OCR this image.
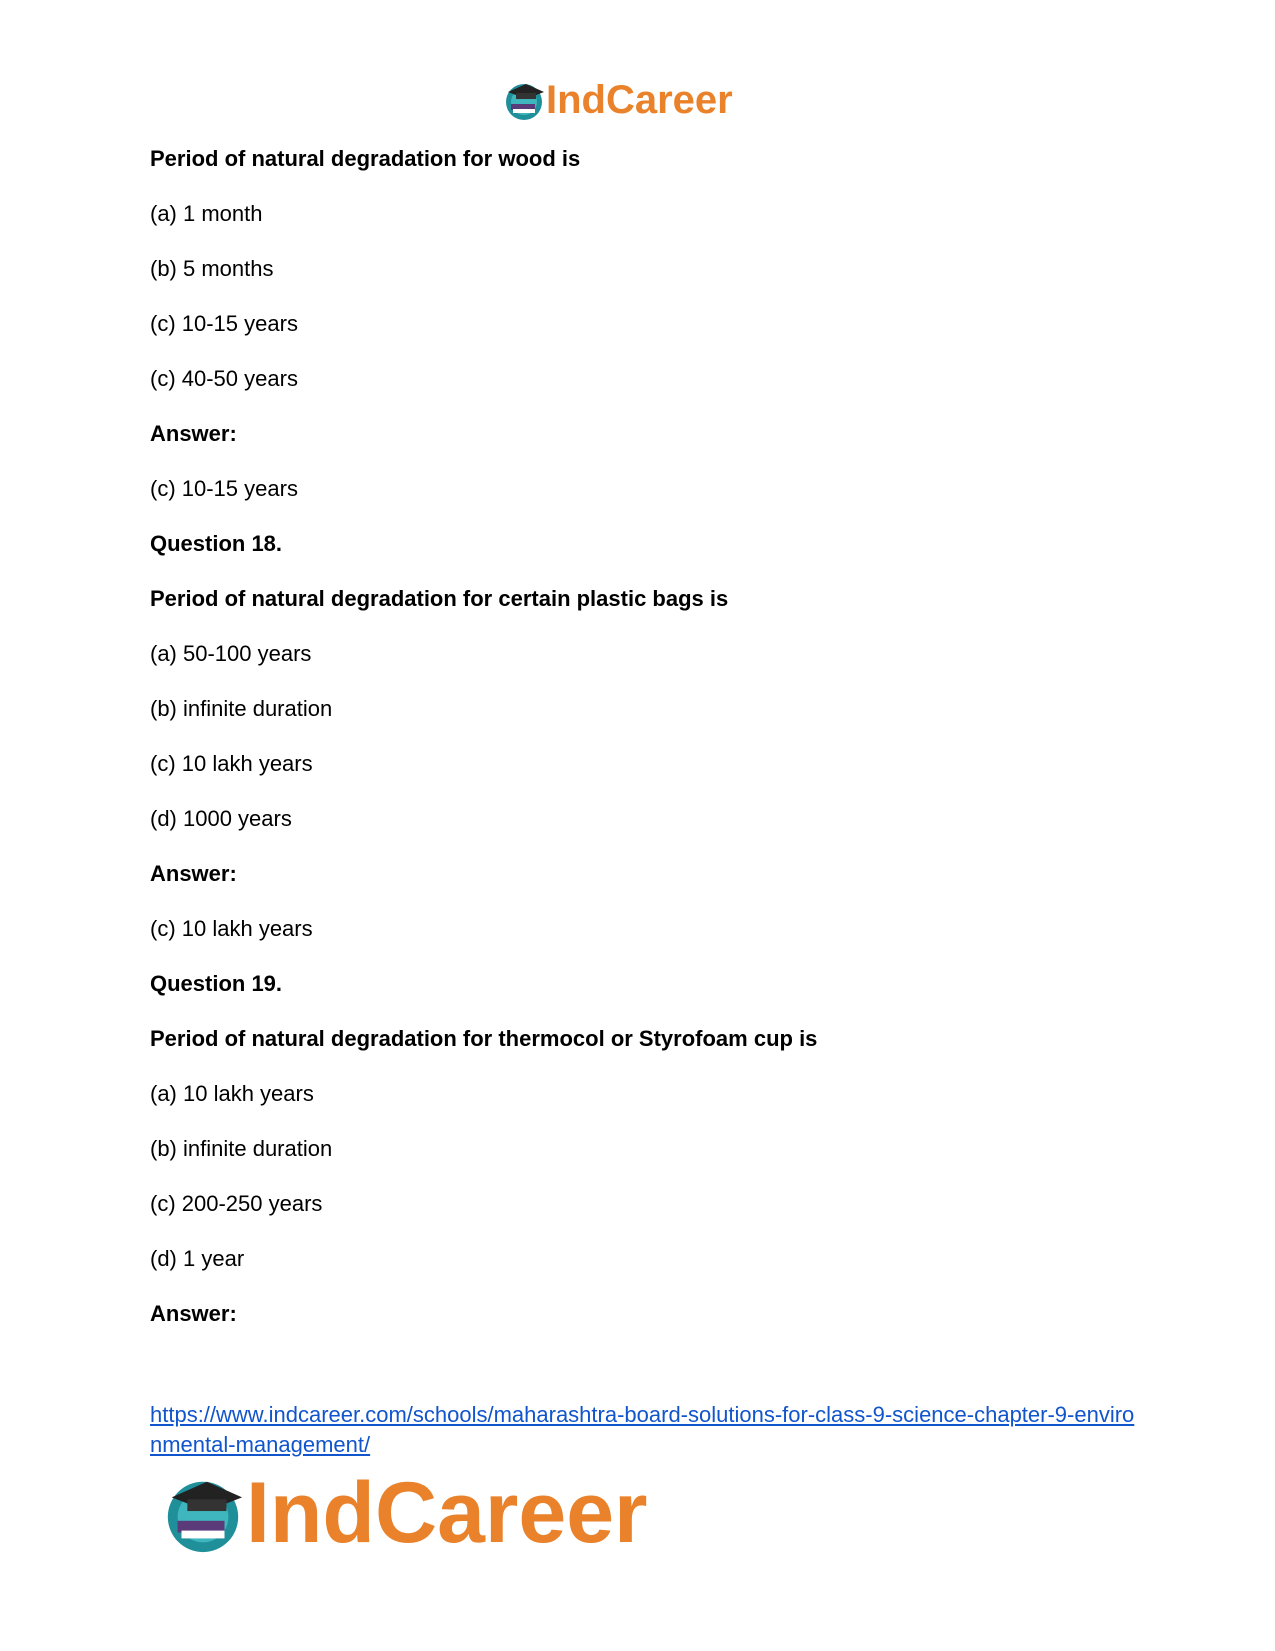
IndCareer
Period of natural degradation for wood is
(a) 1 month
(b) 5 months
(c) 10-15 years
(c) 40-50 years
Answer:
(c) 10-15 years
Question 18.
Period of natural degradation for certain plastic bags is
(a) 50-100 years
(b) infinite duration
(c) 10 lakh years
(d) 1000 years
Answer:
(c) 10 lakh years
Question 19.
Period of natural degradation for thermocol or Styrofoam cup is
(a) 10 lakh years
(b) infinite duration
(c) 200-250 years
(d) 1 year
Answer:
https://www.indcareer.com/schools/maharashtra-board-solutions-for-class-9-science-chapter-9-environmental-management/
IndCareer
